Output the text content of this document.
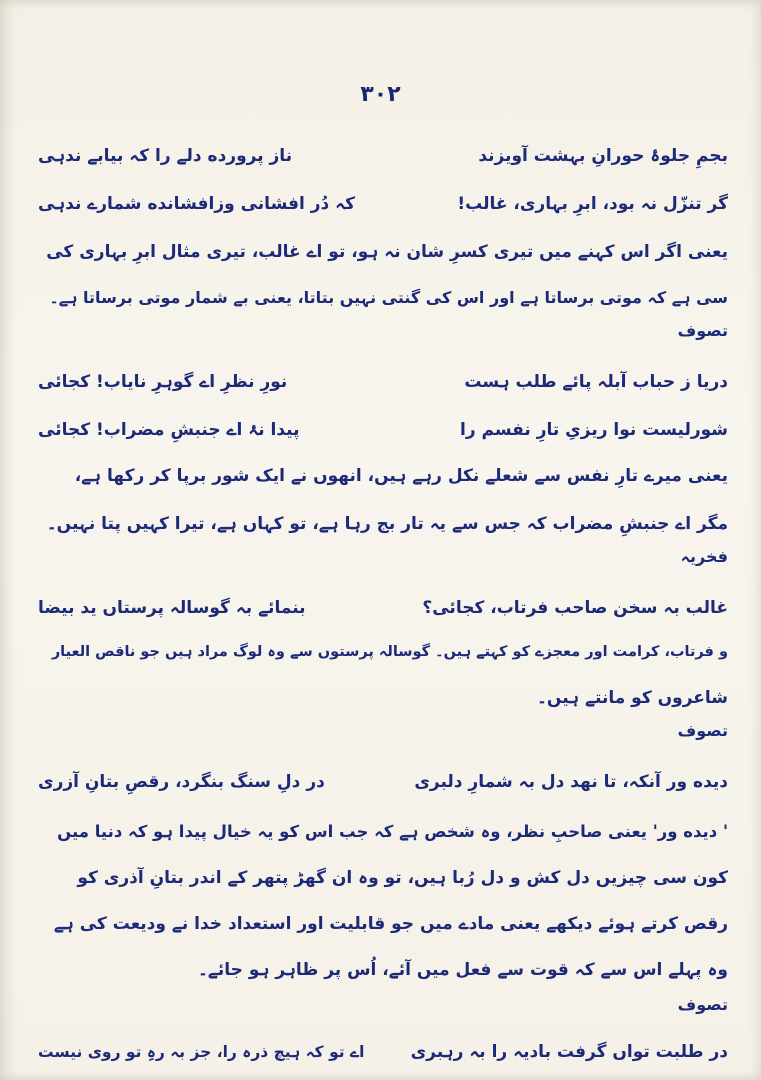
۳۰۲
بجمِ جلوۂ حورانِ بہشت آویزند
ناز پرورده دلے را کہ بیابے ندہی
گر تنزّل نہ بود، ابرِ بہاری، غالب!
کہ دُر افشانی وزافشانده شمارے ندہی
یعنی اگر اس کہنے میں تیری کسرِ شان نہ ہو، تو اے غالب، تیری مثال ابرِ بہاری کی
سی ہے کہ موتی برساتا ہے اور اس کی گنتی نہیں بتاتا، یعنی بے شمار موتی برساتا ہے۔
تصوف
دریا ز حباب آبلہ پائے طلب ہست
نورِ نظرِ اے گوہرِ نایاب! کجائی
شورلیست نوا ریزیِ تارِ نفسم را
پیدا نۂ اے جنبشِ مضراب! کجائی
یعنی میرے تارِ نفس سے شعلے نکل رہے ہیں، انھوں نے ایک شور برپا کر رکھا ہے،
مگر اے جنبشِ مضراب کہ جس سے یہ تار بج رہا ہے، تو کہاں ہے، تیرا کہیں پتا نہیں۔
فخریہ
غالب بہ سخن صاحب فرتاب، کجائی؟
بنمائے بہ گوسالہ پرستاں ید بیضا
و فرتاب، کرامت اور معجزے کو کہتے ہیں۔ گوسالہ پرستوں سے وہ لوگ مراد ہیں جو ناقص العیار
شاعروں کو مانتے ہیں۔
تصوف
دیده ور آنکہ، تا نهد دل بہ شمارِ دلبری
در دلِ سنگ بنگرد، رقصِ بتانِ آزری
' دیده ور' یعنی صاحبِ نظر، وہ شخص ہے کہ جب اس کو یہ خیال پیدا ہو کہ دنیا میں
کون سی چیزیں دل کش و دل رُبا ہیں، تو وہ ان گھڑ پتھر کے اندر بتانِ آذری کو
رقص کرتے ہوئے دیکھے یعنی مادے میں جو قابلیت اور استعداد خدا نے ودیعت کی ہے
وہ پہلے اس سے کہ قوت سے فعل میں آئے، اُس پر ظاہر ہو جائے۔
تصوف
در طلبت تواں گرفت بادیہ را بہ رہبری
اے تو کہ ہیچ ذرہ را، جز بہ رہِ تو روی نیست
